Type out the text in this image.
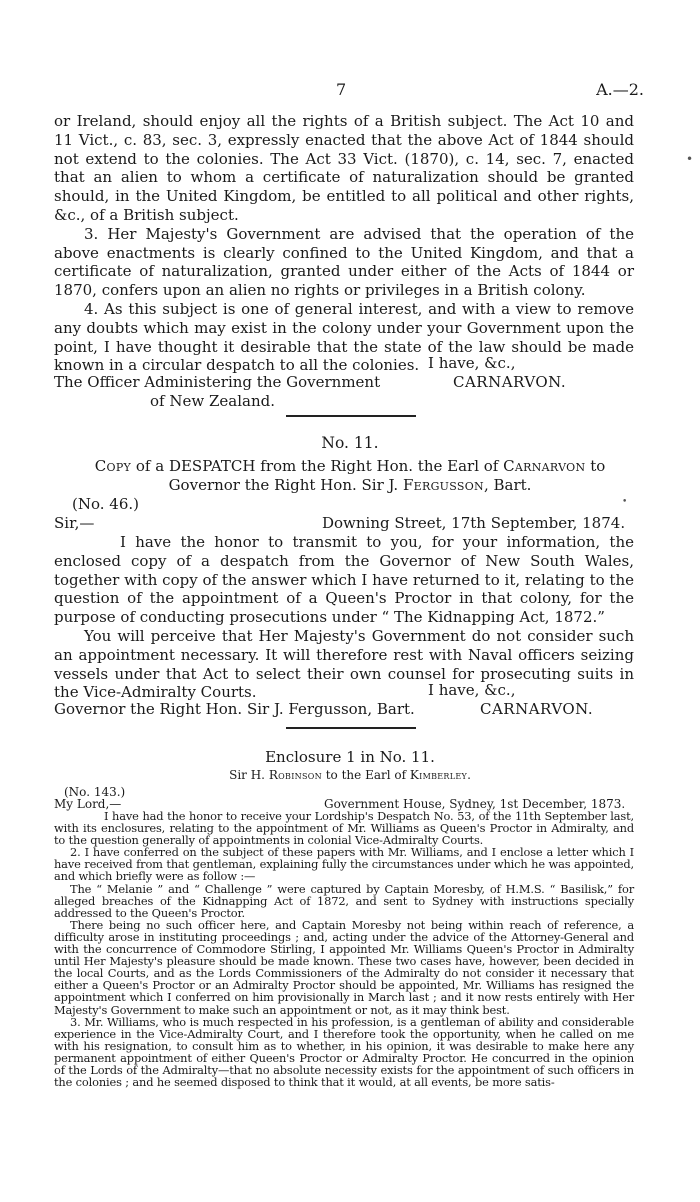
7	A.—2.

or Ireland, should enjoy all the rights of a British subject. The Act 10 and 11 Vict., c. 83, sec. 3, expressly enacted that the above Act of 1844 should not extend to the colonies. The Act 33 Vict. (1870), c. 14, sec. 7, enacted that an alien to whom a certificate of naturalization should be granted should, in the United Kingdom, be entitled to all political and other rights, &c., of a British subject.

3. Her Majesty's Government are advised that the operation of the above enactments is clearly confined to the United Kingdom, and that a certificate of naturalization, granted under either of the Acts of 1844 or 1870, confers upon an alien no rights or privileges in a British colony.

4. As this subject is one of general interest, and with a view to remove any doubts which may exist in the colony under your Government upon the point, I have thought it desirable that the state of the law should be made known in a circular despatch to all the colonies. I have, &c.,
CARNARVON.
The Officer Administering the Government
of New Zealand.
No. 11.
Copy of a DESPATCH from the Right Hon. the Earl of Carnarvon to
Governor the Right Hon. Sir J. Fergusson, Bart.
(No. 46.)
Sir,—	Downing Street, 17th September, 1874.

I have the honor to transmit to you, for your information, the enclosed copy of a despatch from the Governor of New South Wales, together with copy of the answer which I have returned to it, relating to the question of the appointment of a Queen's Proctor in that colony, for the purpose of conducting prosecutions under “ The Kidnapping Act, 1872.”

You will perceive that Her Majesty's Government do not consider such an appointment necessary. It will therefore rest with Naval officers seizing vessels under that Act to select their own counsel for prosecuting suits in the Vice-Admiralty Courts.	I have, &c.,
Governor the Right Hon. Sir J. Fergusson, Bart.	CARNARVON.
Enclosure 1 in No. 11.
Sir H. Robinson to the Earl of Kimberley.
(No. 143.)
My Lord,—	Government House, Sydney, 1st December, 1873.

I have had the honor to receive your Lordship's Despatch No. 53, of the 11th September last, with its enclosures, relating to the appointment of Mr. Williams as Queen's Proctor in Admiralty, and to the question generally of appointments in colonial Vice-Admiralty Courts.

2. I have conferred on the subject of these papers with Mr. Williams, and I enclose a letter which I have received from that gentleman, explaining fully the circumstances under which he was appointed, and which briefly were as follow :—

The “ Melanie ” and “ Challenge ” were captured by Captain Moresby, of H.M.S. “ Basilisk,” for alleged breaches of the Kidnapping Act of 1872, and sent to Sydney with instructions specially addressed to the Queen's Proctor.

There being no such officer here, and Captain Moresby not being within reach of reference, a difficulty arose in instituting proceedings ; and, acting under the advice of the Attorney-General and with the concurrence of Commodore Stirling, I appointed Mr. Williams Queen's Proctor in Admiralty until Her Majesty's pleasure should be made known. These two cases have, however, been decided in the local Courts, and as the Lords Commissioners of the Admiralty do not consider it necessary that either a Queen's Proctor or an Admiralty Proctor should be appointed, Mr. Williams has resigned the appointment which I conferred on him provisionally in March last ; and it now rests entirely with Her Majesty's Government to make such an appointment or not, as it may think best.

3. Mr. Williams, who is much respected in his profession, is a gentleman of ability and considerable experience in the Vice-Admiralty Court, and I therefore took the opportunity, when he called on me with his resignation, to consult him as to whether, in his opinion, it was desirable to make here any permanent appointment of either Queen's Proctor or Admiralty Proctor. He concurred in the opinion of the Lords of the Admiralty—that no absolute necessity exists for the appointment of such officers in the colonies ; and he seemed disposed to think that it would, at all events, be more satis-

•
•
